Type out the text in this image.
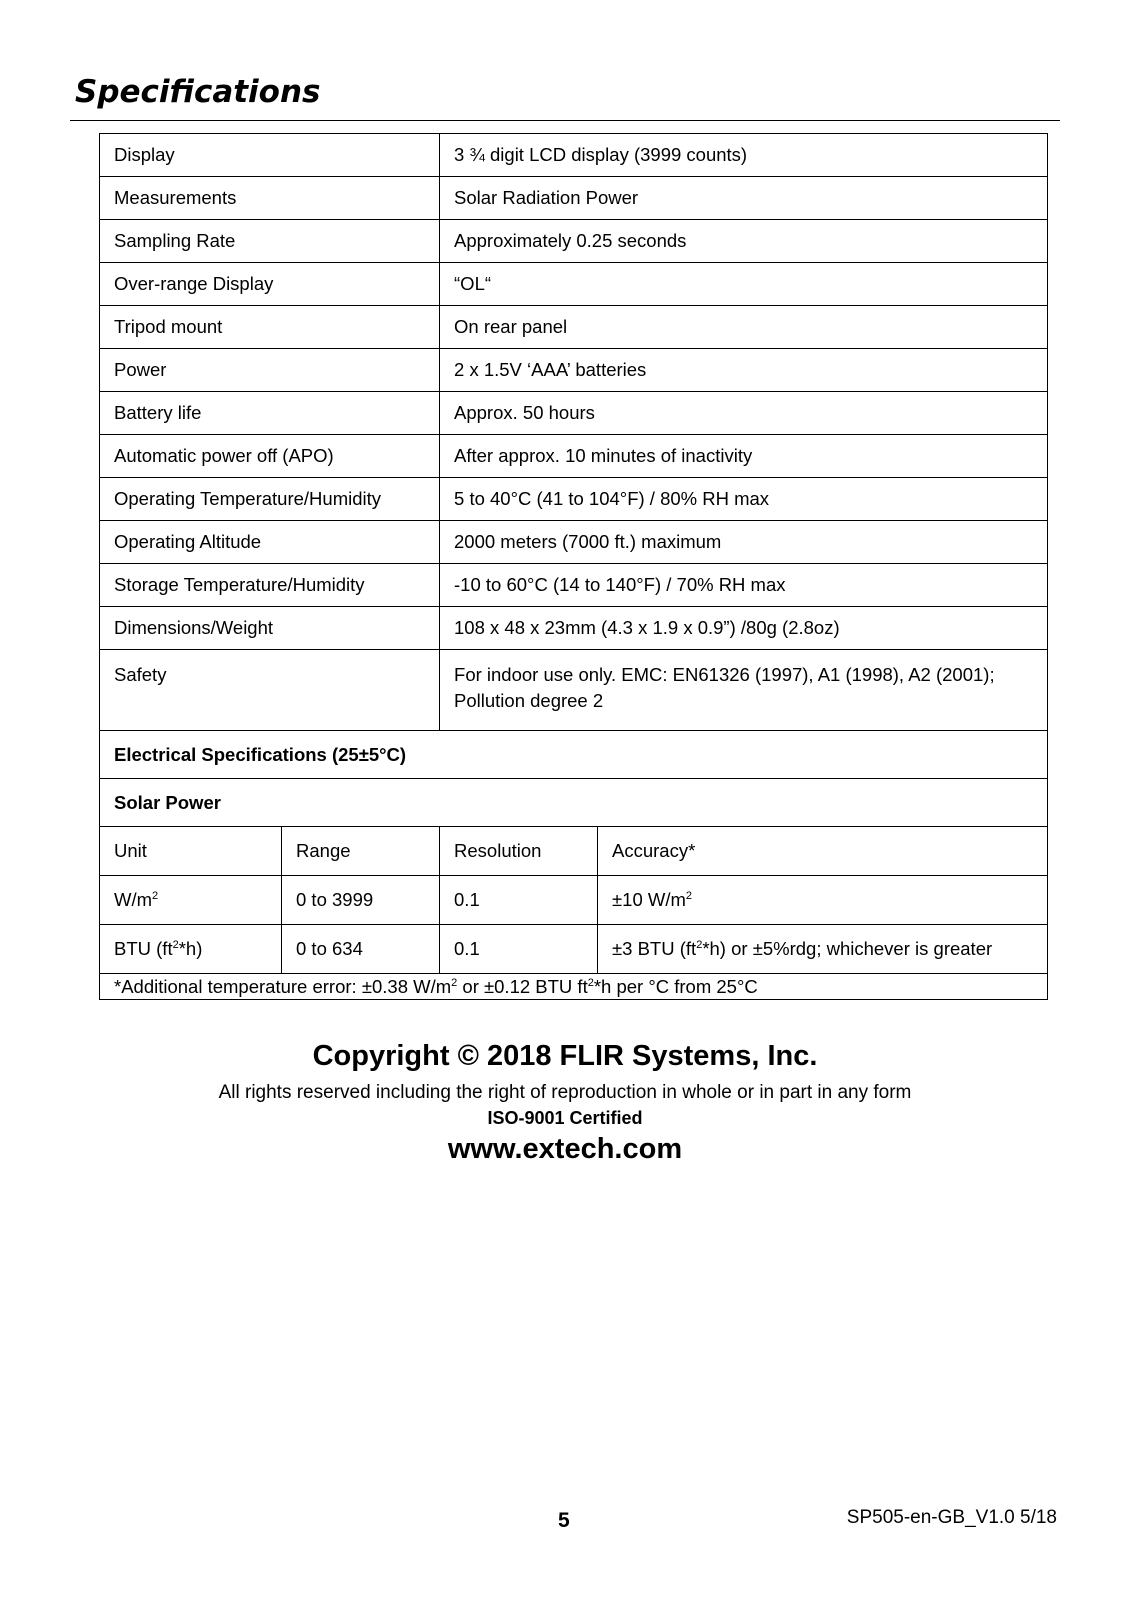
Specifications
Display		3 ¾ digit LCD display (3999 counts)	
Measurements		Solar Radiation Power	
Sampling Rate		Approximately 0.25 seconds	
Over-range Display		“OL“	
Tripod mount		On rear panel	
Power		2 x 1.5V ‘AAA’ batteries	
Battery life		Approx. 50 hours	
Automatic power off (APO)		After approx. 10 minutes of inactivity	
Operating Temperature/Humidity		5 to 40°C (41 to 104°F) / 80% RH max	
Operating Altitude		2000 meters (7000 ft.) maximum	
Storage Temperature/Humidity		-10 to 60°C (14 to 140°F) / 70% RH max	
Dimensions/Weight		108 x 48 x 23mm (4.3 x 1.9 x 0.9”) /80g (2.8oz)	
Safety		For indoor use only. EMC: EN61326 (1997), A1 (1998), A2 (2001);
Pollution degree 2	
Electrical Specifications (25±5°C)			
Solar Power			
Unit	Range	Resolution	Accuracy*
$W/m^2$	0 to 3999	0.1	±10 $W/m^2$
BTU $(ft^2*h)$	0 to 634	0.1	±3 BTU $(ft^2*h)$ or ±5%rdg; whichever is greater
*Additional temperature error: ±0.38 $W/m^2$ or ±0.12 BTU $ft^2*h$ per °C from 25°C			
Copyright © 2018 FLIR Systems, Inc.
All rights reserved including the right of reproduction in whole or in part in any form
ISO-9001 Certified
www.extech.com
5	SP505-en-GB_V1.0 5/18
